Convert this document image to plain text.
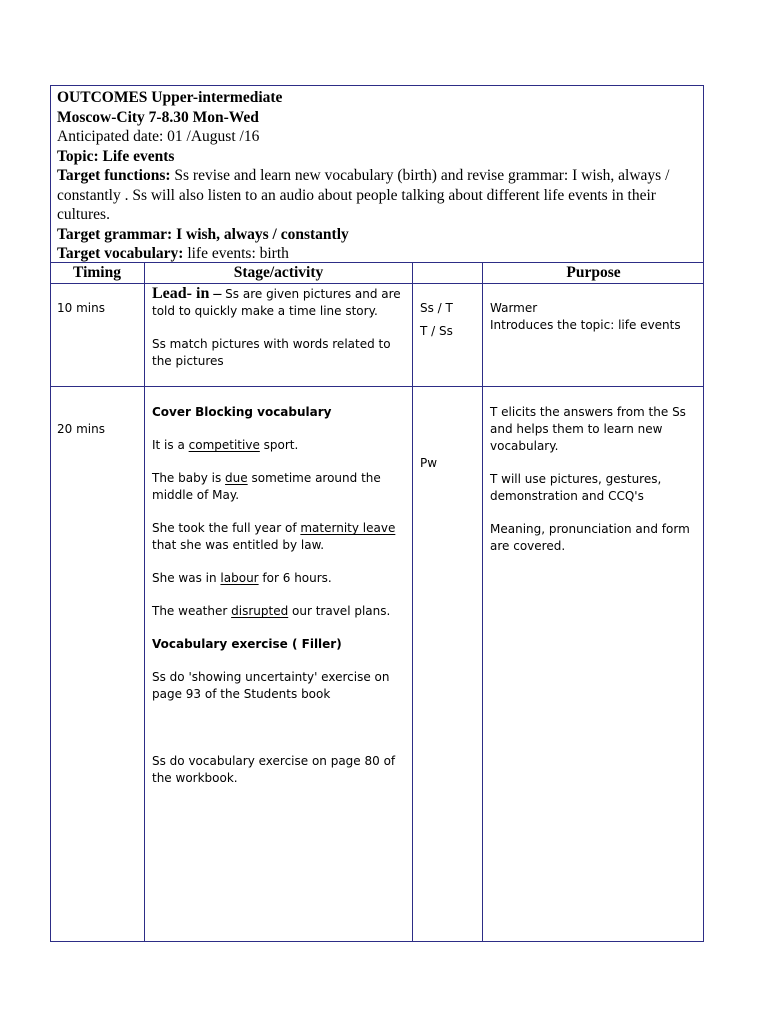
OUTCOMES Upper-intermediate
Moscow-City 7-8.30 Mon-Wed
Anticipated date: 01 /August /16
Topic: Life events
Target functions: Ss revise and learn new vocabulary (birth) and revise grammar: I wish, always / constantly . Ss will also listen to an audio about people talking about different life events in their cultures.
Target grammar: I wish, always / constantly
Target vocabulary: life events: birth
Timing	Stage/activity	Purpose
10 mins
Lead- in – Ss are given pictures and are told to quickly make a time line story.
Ss match pictures with words related to the pictures
Ss / T
T / Ss
Warmer
Introduces the topic: life events
20 mins
Cover Blocking vocabulary
It is a competitive sport.
The baby is due sometime around the middle of May.
She took the full year of maternity leave that she was entitled by law.
She was in labour for 6 hours.
The weather disrupted our travel plans.
Vocabulary exercise ( Filler)
Ss do 'showing uncertainty' exercise on page 93 of the Students book
Ss do vocabulary exercise on page 80 of the workbook.
Pw
T elicits the answers from the Ss and helps them to learn new vocabulary.
T will use pictures, gestures, demonstration and CCQ's
Meaning, pronunciation and form are covered.
